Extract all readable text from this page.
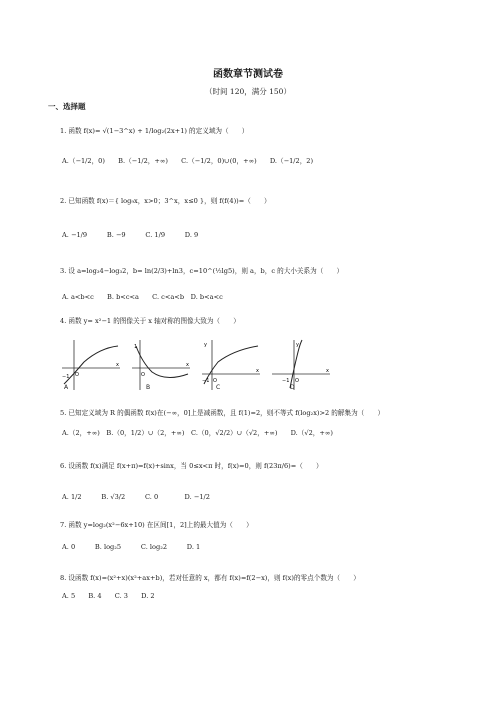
函数章节测试卷
（时间 120，满分 150）
一、选择题
1. 函数 f(x)= √(1−3^x) + 1/log₂(2x+1) 的定义域为（　　）
A.（−1/2，0)　　B.（−1/2，+∞)　　C.（−1/2，0)∪(0，+∞)　　D.（−1/2，2)
2. 已知函数 f(x)＝{ log₉x，x>0；3^x，x≤0 }，则 f(f(4))=（　　）
A. −1/9　　　B. −9　　　C. 1/9　　　D. 9
3. 设 a=log₃4−log₃2，b= ln(2/3)+ln3，c=10^(½lg5)，则 a，b，c 的大小关系为（　　）
A. a<b<c　　B. b<c<a　　C. c<a<b　D. b<a<c
4. 函数 y= x²−1 的图像关于 x 轴对称的图像大致为（　　）
−1 O
x
A
1
O
x
B
y
−1 O
x
C
y
−1 O
x
D
5. 已知定义域为 R 的偶函数 f(x)在(−∞，0]上是减函数，且 f(1)=2，则不等式 f(log₂x)>2 的解集为（　　）
A.（2，+∞)　B.（0，1/2）∪（2，+∞)　C.（0，√2/2）∪（√2，+∞)　　D.（√2，+∞)
6. 设函数 f(x)满足 f(x+π)=f(x)+sinx，当 0≤x<π 时，f(x)=0，则 f(23π/6)=（　　）
A. 1/2　　　B. √3/2　　　C. 0　　　　D. −1/2
7. 函数 y=log₂(x²−6x+10) 在区间[1，2]上的最大值为（　　）
A. 0　　　B. log₂5　　　C. log₂2　　　D. 1
8. 设函数 f(x)=(x²+x)(x²+ax+b)，若对任意的 x，都有 f(x)=f(2−x)，则 f(x)的零点个数为（　　）
A. 5　　B. 4　　C. 3　　D. 2
